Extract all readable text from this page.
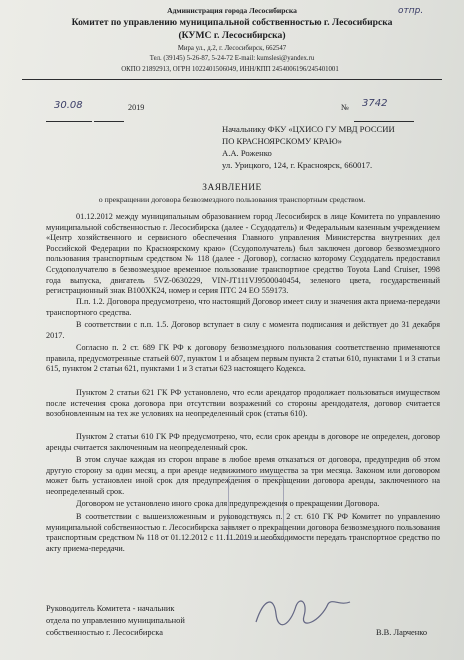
отпр.
Администрация города Лесосибирска
Комитет по управлению муниципальной собственностью г. Лесосибирска
(КУМС г. Лесосибирска)
Мира ул., д.2, г. Лесосибирск, 662547
Тел. (39145) 5-26-87, 5-24-72 E-mail: kumslesi@yandex.ru
ОКПО 21892913, ОГРН 1022401506049, ИНН/КПП 2454006196/245401001
30.08	2019	№ 3742
Начальнику ФКУ «ЦХИСО ГУ МВД РОССИИ
ПО КРАСНОЯРСКОМУ КРАЮ»
А.А. Роженко
ул. Урицкого, 124, г. Красноярск, 660017.
ЗАЯВЛЕНИЕ
о прекращении договора безвозмездного пользования транспортным средством.

01.12.2012 между муниципальным образованием город Лесосибирск в лице Комитета по управлению муниципальной собственностью г. Лесосибирска (далее - Ссудодатель) и Федеральным казенным учреждением «Центр хозяйственного и сервисного обеспечения Главного управления Министерства внутренних дел Российской Федерации по Красноярскому краю» (Ссудополучатель) был заключен договор безвозмездного пользования транспортным средством № 118 (далее - Договор), согласно которому Ссудодатель предоставил Ссудополучателю в безвозмездное временное пользование транспортное средство Toyota Land Cruiser, 1998 года выпуска, двигатель 5VZ-0630229, VIN-JT111VJ9500040454, зеленого цвета, государственный регистрационный знак В100ХК24, номер и серия ПТС 24 ЕО 559173.

П.п. 1.2. Договора предусмотрено, что настоящий Договор имеет силу и значения акта приема-передачи транспортного средства.

В соответствии с п.п. 1.5. Договор вступает в силу с момента подписания и действует до 31 декабря 2017.

Согласно п. 2 ст. 689 ГК РФ к договору безвозмездного пользования соответственно применяются правила, предусмотренные статьей 607, пунктом 1 и абзацем первым пункта 2 статьи 610, пунктами 1 и 3 статьи 615, пунктом 2 статьи 621, пунктами 1 и 3 статьи 623 настоящего Кодекса.

Пунктом 2 статьи 621 ГК РФ установлено, что если арендатор продолжает пользоваться имуществом после истечения срока договора при отсутствии возражений со стороны арендодателя, договор считается возобновленным на тех же условиях на неопределенный срок (статья 610).

Пунктом 2 статьи 610 ГК РФ предусмотрено, что, если срок аренды в договоре не определен, договор аренды считается заключенным на неопределенный срок.

В этом случае каждая из сторон вправе в любое время отказаться от договора, предупредив об этом другую сторону за один месяц, а при аренде недвижимого имущества за три месяца. Законом или договором может быть установлен иной срок для предупреждения о прекращении договора аренды, заключенного на неопределенный срок.

Договором не установлено иного срока для предупреждения о прекращении Договора.

В соответствии с вышеизложенным и руководствуясь п. 2 ст. 610 ГК РФ Комитет по управлению муниципальной собственностью г. Лесосибирска заявляет о прекращении договора безвозмездного пользования транспортным средством № 118 от 01.12.2012 с 11.11.2019 и необходимости передать транспортное средство по акту приема-передачи.

Руководитель Комитета - начальник
отдела по управлению муниципальной
собственностью г. Лесосибирска	В.В. Ларченко
